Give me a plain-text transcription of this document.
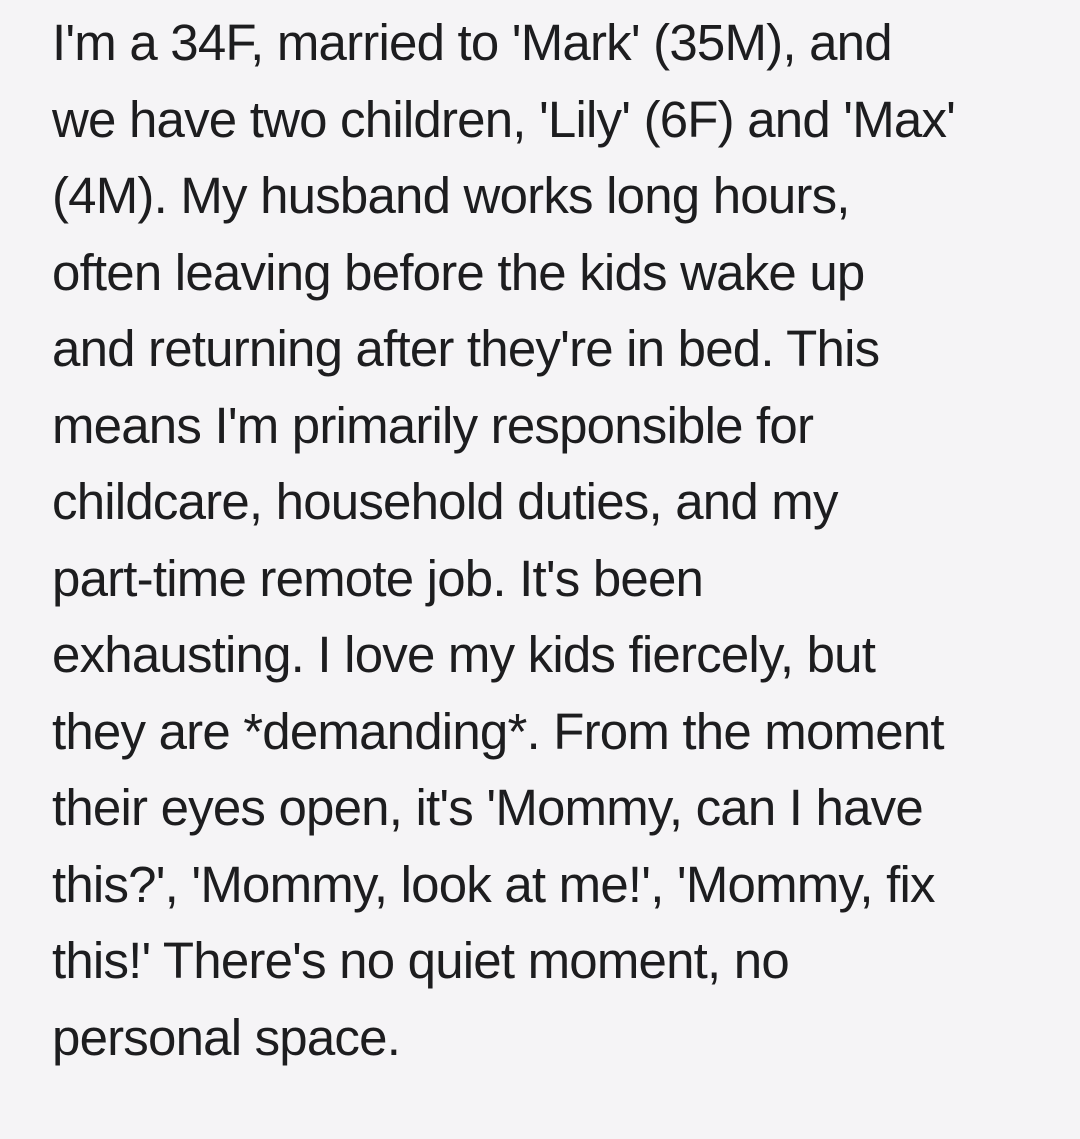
I'm a 34F, married to 'Mark' (35M), and
we have two children, 'Lily' (6F) and 'Max'
(4M). My husband works long hours,
often leaving before the kids wake up
and returning after they're in bed. This
means I'm primarily responsible for
childcare, household duties, and my
part-time remote job. It's been
exhausting. I love my kids fiercely, but
they are *demanding*. From the moment
their eyes open, it's 'Mommy, can I have
this?', 'Mommy, look at me!', 'Mommy, fix
this!' There's no quiet moment, no
personal space.
